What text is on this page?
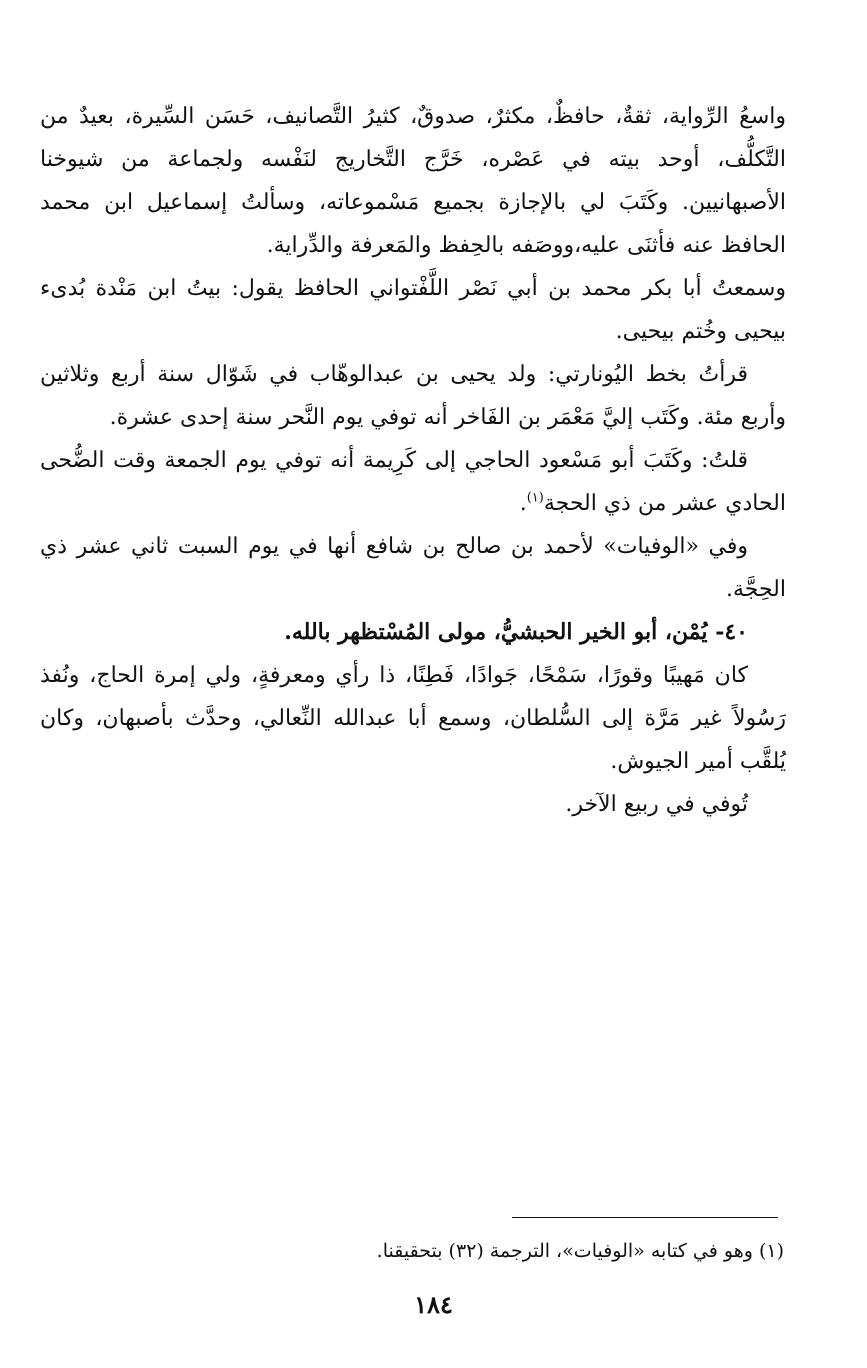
واسعُ الرِّواية، ثقةٌ، حافظٌ، مكثرٌ، صدوقٌ، كثيرُ التَّصانيف، حَسَن السِّيرة، بعيدٌ من التَّكلُّف، أوحد بيته في عَصْره، خَرَّج التَّخاريج لنَفْسه ولجماعة من شيوخنا الأصبهانيين. وكَتَبَ لي بالإجازة بجميع مَسْموعاته، وسألتُ إسماعيل ابن محمد الحافظ عنه فأثنَى عليه،ووصَفه بالحِفظ والمَعرفة والدِّراية.

وسمعتُ أبا بكر محمد بن أبي نَصْر اللَّفْتواني الحافظ يقول: بيتُ ابن مَنْدة بُدىء بيحيى وخُتم بيحيى.

قرأتُ بخط اليُونارتي: ولد يحيى بن عبدالوهّاب في شَوّال سنة أربع وثلاثين وأربع مئة. وكَتَب إليَّ مَعْمَر بن الفَاخر أنه توفي يوم النَّحر سنة إحدى عشرة.

قلتُ: وكَتَبَ أبو مَسْعود الحاجي إلى كَرِيمة أنه توفي يوم الجمعة وقت الضُّحى الحادي عشر من ذي الحجة$^{(١)}$.

وفي «الوفيات» لأحمد بن صالح بن شافع أنها في يوم السبت ثاني عشر ذي الحِجَّة.

٤٠- يُمْن، أبو الخير الحبشيُّ، مولى المُسْتظهر بالله.

كان مَهيبًا وقورًا، سَمْحًا، جَوادًا، فَطِنًا، ذا رأي ومعرفةٍ، ولي إمرة الحاج، ونُفذ رَسُولاً غير مَرَّة إلى السُّلطان، وسمع أبا عبدالله النِّعالي، وحدَّث بأصبهان، وكان يُلقَّب أمير الجيوش.

تُوفي في ربيع الآخر.

(١) وهو في كتابه «الوفيات»، الترجمة (٣٢) بتحقيقنا.
١٨٤
